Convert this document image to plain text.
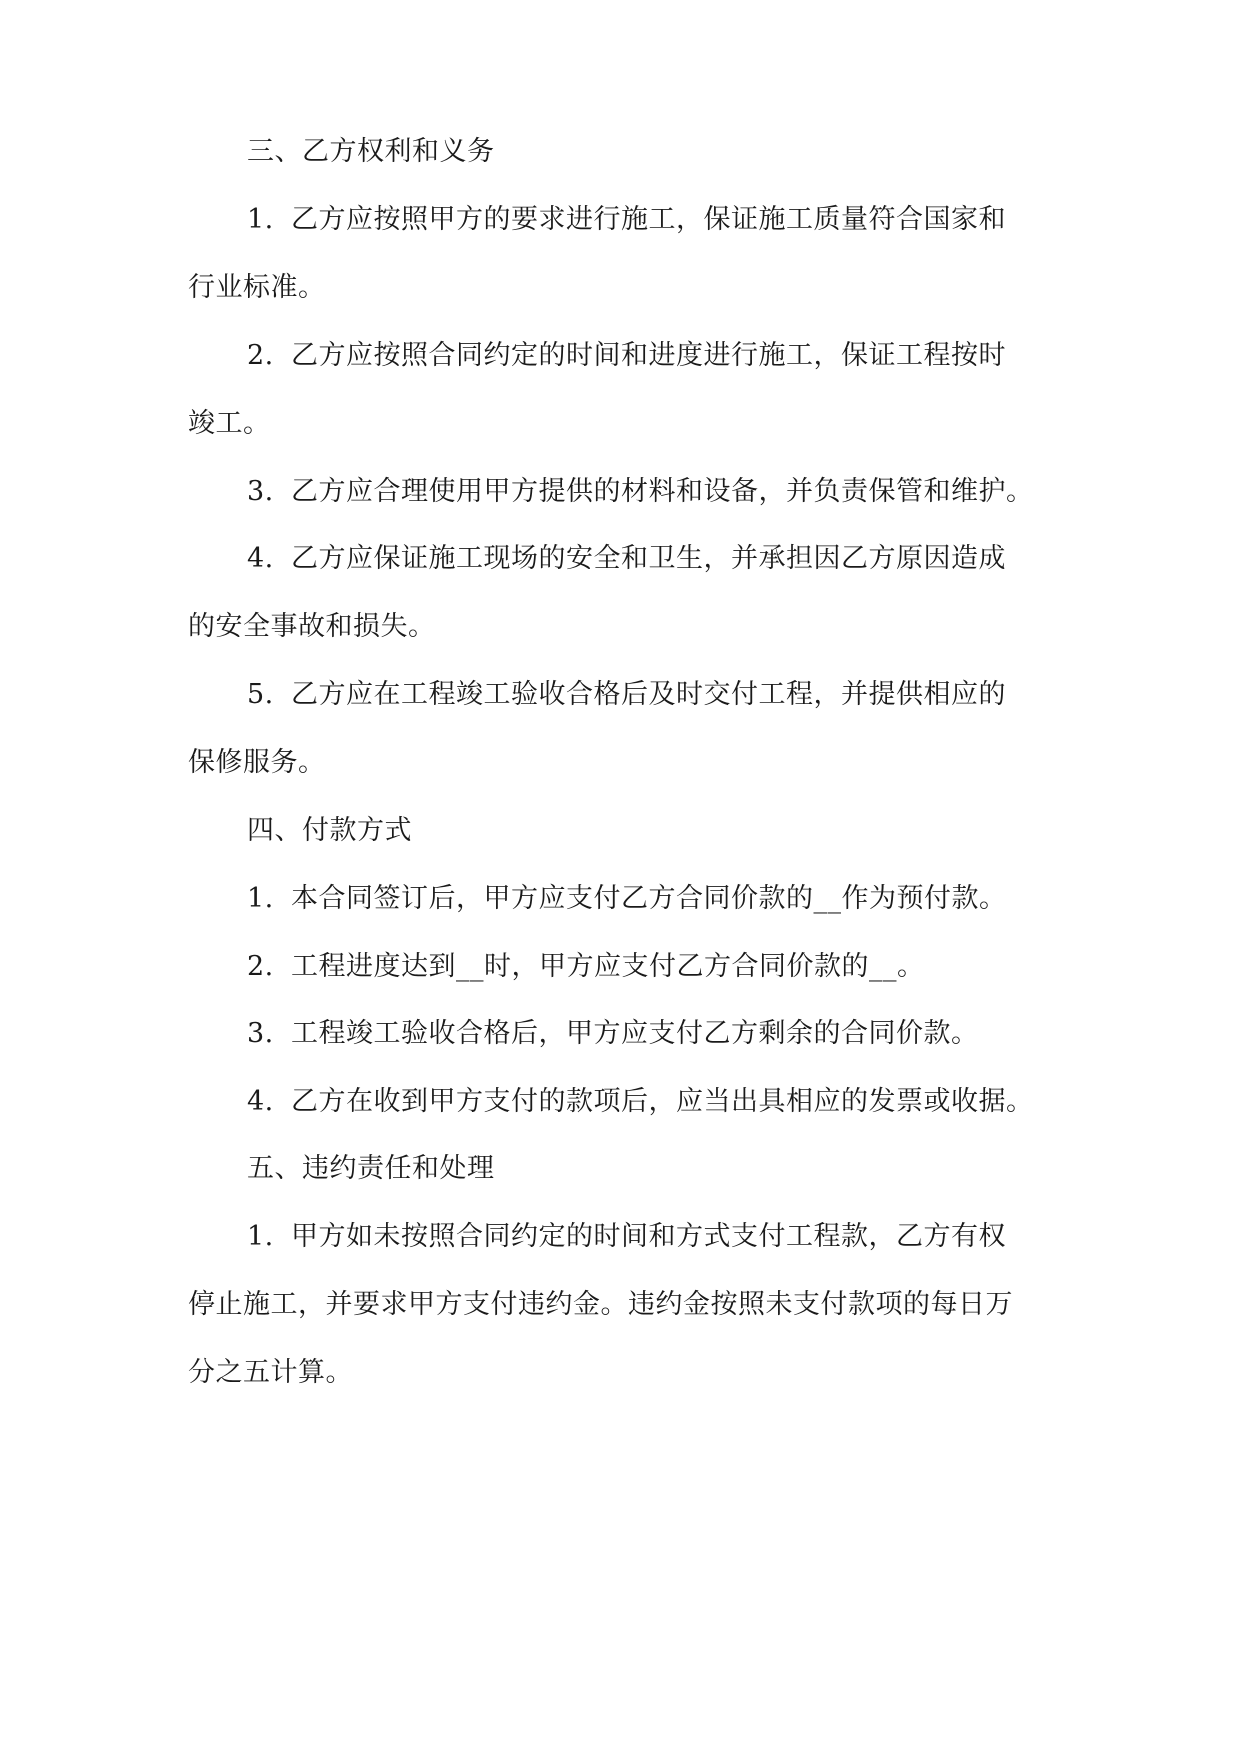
三、乙方权利和义务
1. 乙方应按照甲方的要求进行施工，保证施工质量符合国家和
行业标准。
2. 乙方应按照合同约定的时间和进度进行施工，保证工程按时
竣工。
3. 乙方应合理使用甲方提供的材料和设备，并负责保管和维护。
4. 乙方应保证施工现场的安全和卫生，并承担因乙方原因造成
的安全事故和损失。
5. 乙方应在工程竣工验收合格后及时交付工程，并提供相应的
保修服务。
四、付款方式
1. 本合同签订后，甲方应支付乙方合同价款的__作为预付款。
2. 工程进度达到__时，甲方应支付乙方合同价款的__。
3. 工程竣工验收合格后，甲方应支付乙方剩余的合同价款。
4. 乙方在收到甲方支付的款项后，应当出具相应的发票或收据。
五、违约责任和处理
1. 甲方如未按照合同约定的时间和方式支付工程款，乙方有权
停止施工，并要求甲方支付违约金。违约金按照未支付款项的每日万
分之五计算。
